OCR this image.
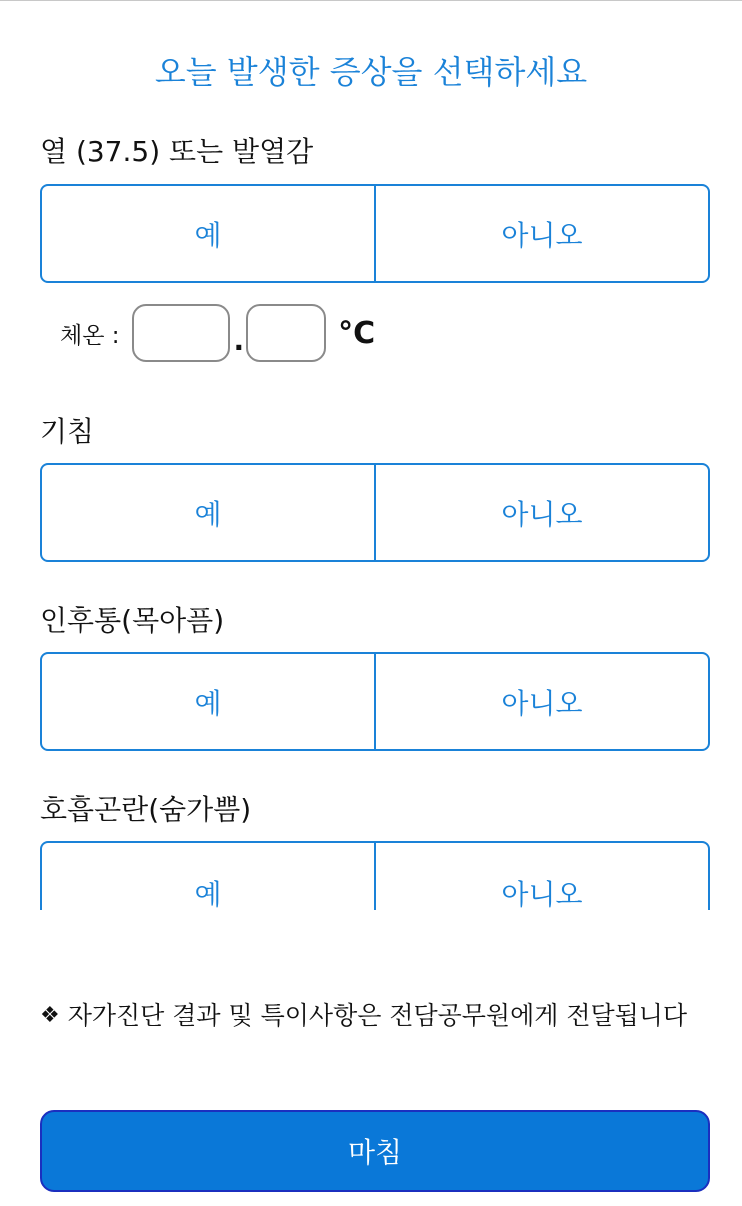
오늘 발생한 증상을 선택하세요
열 (37.5) 또는 발열감
예	아니오
체온 :	.	°C
기침
예	아니오
인후통(목아픔)
예	아니오
호흡곤란(숨가쁨)
예	아니오
❖ 자가진단 결과 및 특이사항은 전담공무원에게 전달됩니다
마침
